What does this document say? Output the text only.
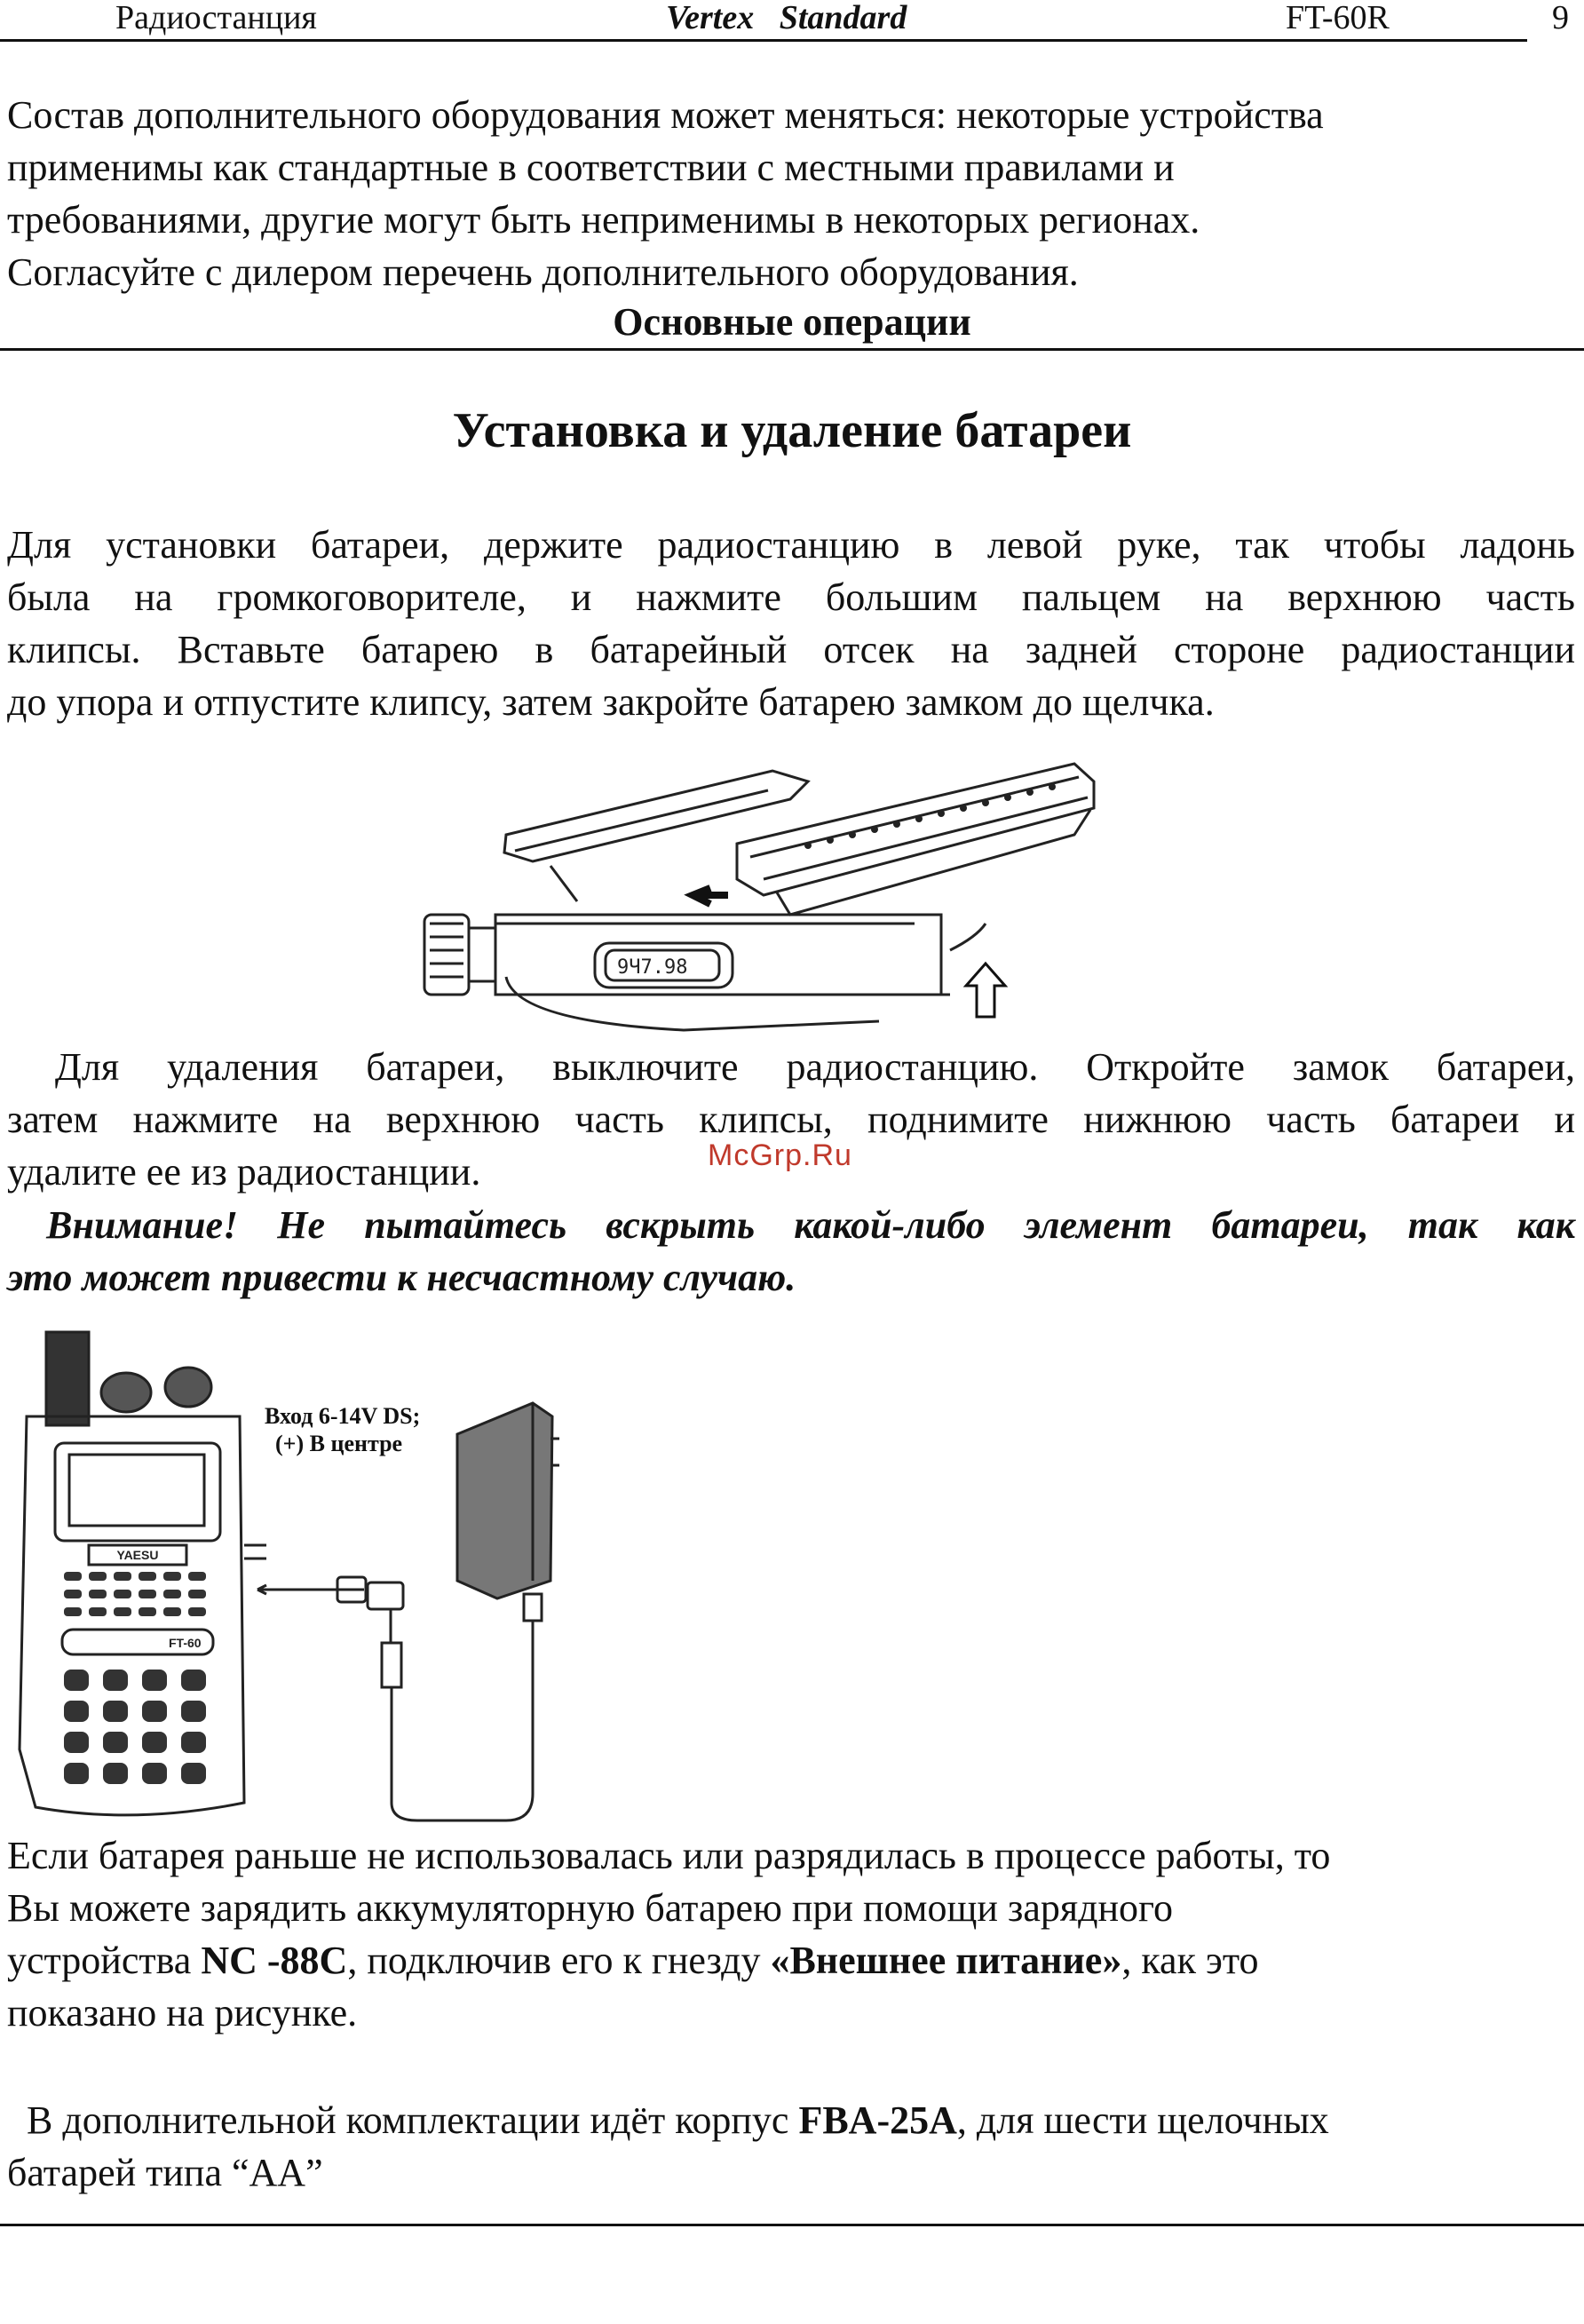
Радиостанция	Vertex   Standard	FT-60R	9

Состав дополнительного оборудования может меняться: некоторые устройства

применимы как стандартные в соответствии с местными правилами и

требованиями, другие могут быть неприменимы в некоторых регионах.

Согласуйте с дилером перечень дополнительного оборудования.

Основные операции
Установка и удаление батареи

Для установки батареи, держите радиостанцию в левой руке, так чтобы ладонь

была на громкоговорителе, и нажмите большим пальцем на верхнюю часть

клипсы. Вставьте батарею в батарейный отсек на задней стороне радиостанции

до упора и отпустите клипсу, затем закройте батарею замком до щелчка.

9Ч7.98

Для удаления батареи, выключите радиостанцию. Откройте замок батареи,

затем нажмите на верхнюю часть клипсы, поднимите нижнюю часть батареи и

удалите ее из радиостанции.	McGrp.Ru

Внимание! Не пытайтесь вскрыть какой-либо элемент батареи, так как

это может привести к несчастному случаю.

YAESU
FT-60
Вход 6-14V DS;
(+) В центре

Если батарея раньше не использовалась или разрядилась в процессе работы, то

Вы можете зарядить аккумуляторную батарею при помощи зарядного

устройства NC -88C, подключив его к гнезду «Внешнее питание», как это

показано на рисунке.

В дополнительной комплектации идёт корпус FBA-25A, для шести щелочных

батарей типа “AA”
